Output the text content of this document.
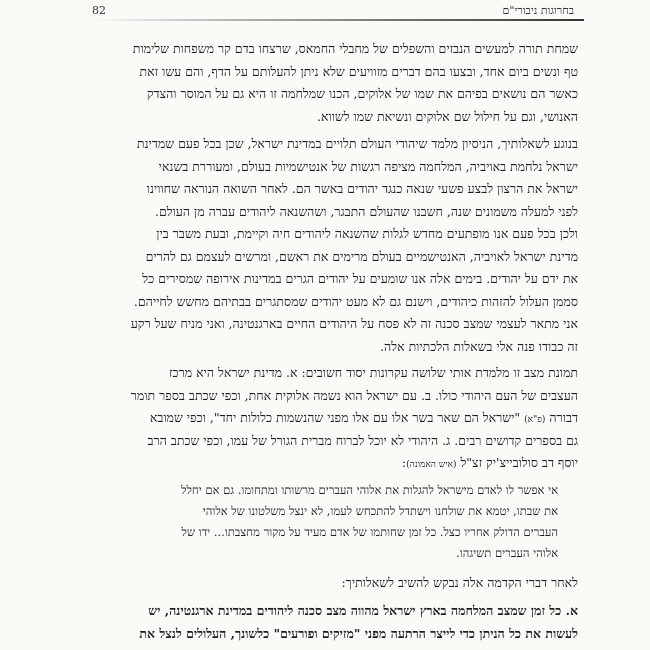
82	בחרוגות ניבורי"ם
שמחת תורה למעשים הנבזים והשפלים של מחבלי החמאס, שרצחו בדם קר משפחות שלימות
טף ונשים ביום אחד, ובצעו בהם דברים מזוויעים שלא ניתן להעלותם על הדף, והם עשו זאת
כאשר הם נושאים בפיהם את שמו של אלוקים, הכנו שמלחמה זו היא גם על המוסר והצדק
האנושי, וגם על חילול שם אלוקים ונשיאת שמו לשווא.
בנוגע לשאלותיך, הניסיון מלמד שיהודי העולם תלויים במדינת ישראל, שכן בכל פעם שמדינת
ישראל נלחמת באויביה, המלחמה מציפה רגשות של אנטישמיות בעולם, ומעוררת בשנאי
ישראל את הרצון לבצע פשעי שנאה כנגד יהודים באשר הם. לאחר השואה הנוראה שחווינו
לפני למעלה משמונים שנה, חשבנו שהעולם התבגר, ושהשנאה ליהודים עברה מן העולם.
ולכן בכל פעם אנו מופתעים מחדש לגלות שהשנאה ליהודים חיה וקיימת, ובעת משבר בין
מדינת ישראל לאויביה, האנטישמיים בעולם מרימים את ראשם, ומרשים לעצמם גם להרים
את ידם על יהודים. בימים אלה אנו שומעים על יהודים הגרים במדינות אירופה שמסירים כל
סממן העלול להזהות כיהודים, וישנם גם לא מעט יהודים שמסתגרים בבתיהם מחשש לחייהם.
אני מתאר לעצמי שמצב סכנה זה לא פסח על היהודים החיים בארגנטינה, ואני מניח שעל רקע
זה כבודו פנה אלי בשאלות הלכתיות אלה.
תמונת מצב זו מלמדת אותי שלושה עקרונות יסוד חשובים: א. מדינת ישראל היא מרכז
העצבים של העם היהודי כולו. ב. עם ישראל הוא נשמה אלוקית אחת, וכפי שכתב בספר תומר
דבורה (פ"א) "ישראל הם שאר בשר אלו עם אלו מפני שהנשמות כלולות יחד", וכפי שמובא
גם בספרים קדושים רבים. ג. היהודי לא יוכל לברוח מברית הגורל של עמו, וכפי שכתב הרב
יוסף דב סולובייצ'יק זצ"ל (איש האמונה):
אי אפשר לו לאדם מישראל להגלות את אלוהי העברים מרשותו ומתחומו. גם אם יחלל
את שבתו, יטמא את שולחנו וישתדל להתכחש לעמו, לא ינצל משלטונו של אלוהי
העברים הדולק אחריו כצל. כל זמן שחותמו של אדם מעיד על מקור מחצבתו... ידו של
אלוהי העברים תשיגהו.
לאחר דברי הקדמה אלה נבקש להשיב לשאלותיך:
א. כל זמן שמצב המלחמה בארץ ישראל מהווה מצב סכנה ליהודים במדינת ארגנטינה, יש
לעשות את כל הניתן כדי לייצר הרתעה מפני "מזיקים ופורעים" כלשונך, העלולים לנצל את
